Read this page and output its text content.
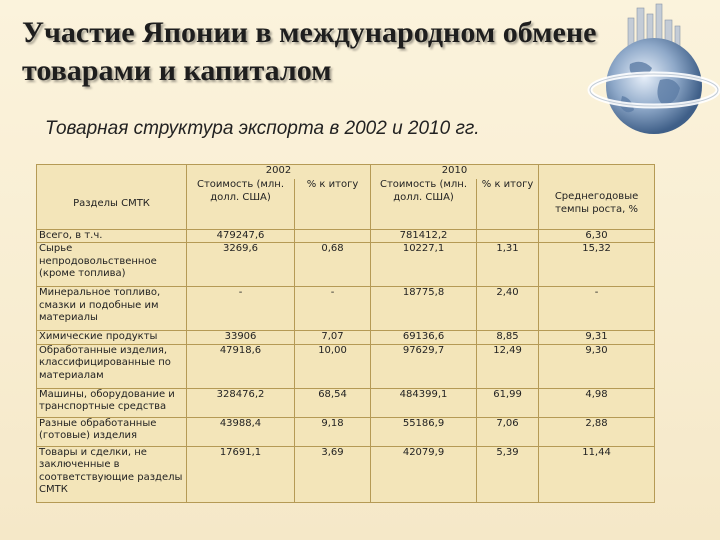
Участие Японии в международном обмене товарами и капиталом
Товарная структура экспорта в 2002 и 2010 гг.
	2002		2010		
Разделы СМТК	Стоимость (млн. долл. США)	% к итогу	Стоимость (млн. долл. США)	% к итогу	Среднегодовые темпы роста, %
Всего, в т.ч.	479247,6		781412,2		6,30
Сырье непродовольственное (кроме топлива)	3269,6	0,68	10227,1	1,31	15,32
Минеральное топливо, смазки и подобные им материалы	-	-	18775,8	2,40	-
Химические продукты	33906	7,07	69136,6	8,85	9,31
Обработанные изделия, классифицированные по материалам	47918,6	10,00	97629,7	12,49	9,30
Машины, оборудование и транспортные средства	328476,2	68,54	484399,1	61,99	4,98
Разные обработанные (готовые) изделия	43988,4	9,18	55186,9	7,06	2,88
Товары и сделки, не заключенные в соответствующие разделы СМТК	17691,1	3,69	42079,9	5,39	11,44
